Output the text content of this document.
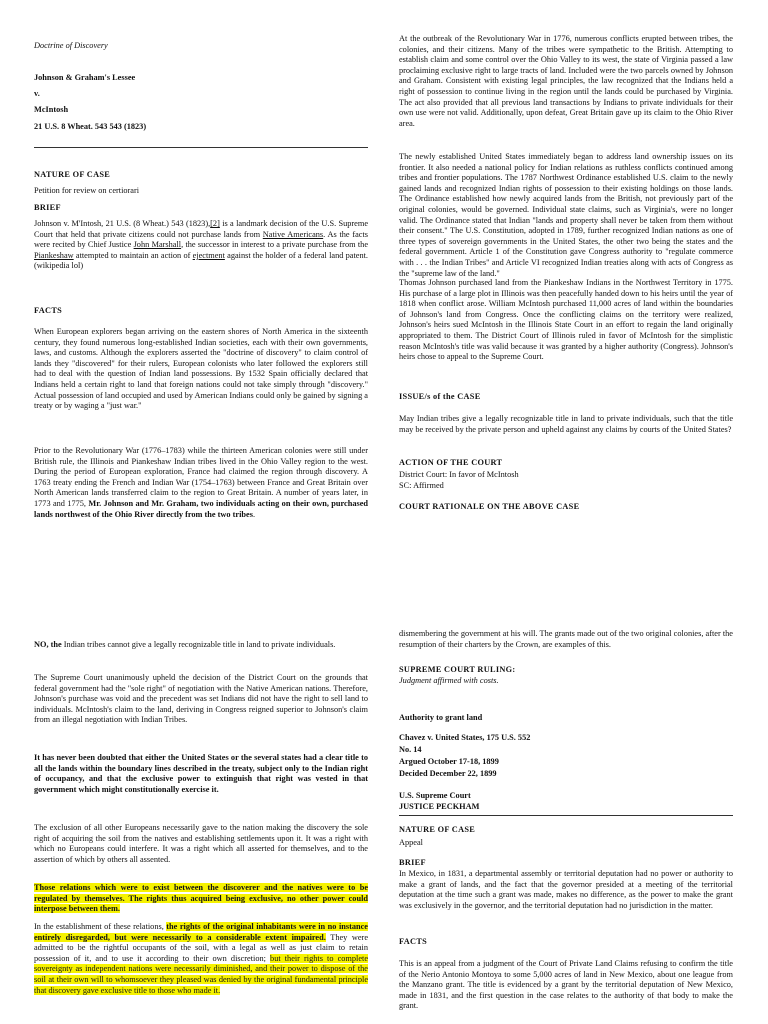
Doctrine of Discovery
Johnson & Graham's Lessee
v.
McIntosh
21 U.S. 8 Wheat. 543 543 (1823)
NATURE OF CASE
Petition for review on certiorari
BRIEF

Johnson v. M'Intosh, 21 U.S. (8 Wheat.) 543 (1823),[2] is a landmark decision of the U.S. Supreme Court that held that private citizens could not purchase lands from Native Americans. As the facts were recited by Chief Justice John Marshall, the successor in interest to a private purchase from the Piankeshaw attempted to maintain an action of ejectment against the holder of a federal land patent. (wikipedia lol)

FACTS

When European explorers began arriving on the eastern shores of North America in the sixteenth century, they found numerous long-established Indian societies, each with their own governments, laws, and customs. Although the explorers asserted the "doctrine of discovery" to claim control of lands they "discovered" for their rulers, European colonists who later followed the explorers still had to deal with the question of Indian land possessions. By 1532 Spain officially declared that Indians held a certain right to land that foreign nations could not take simply through "discovery." Actual possession of land occupied and used by American Indians could only be gained by signing a treaty or by waging a "just war."

Prior to the Revolutionary War (1776–1783) while the thirteen American colonies were still under British rule, the Illinois and Piankeshaw Indian tribes lived in the Ohio Valley region to the west. During the period of European exploration, France had claimed the region through discovery. A 1763 treaty ending the French and Indian War (1754–1763) between France and Great Britain over North American lands transferred claim to the region to Great Britain. A number of years later, in 1773 and 1775, Mr. Johnson and Mr. Graham, two individuals acting on their own, purchased lands northwest of the Ohio River directly from the two tribes.

At the outbreak of the Revolutionary War in 1776, numerous conflicts erupted between tribes, the colonies, and their citizens. Many of the tribes were sympathetic to the British. Attempting to establish claim and some control over the Ohio Valley to its west, the state of Virginia passed a law proclaiming exclusive right to large tracts of land. Included were the two parcels owned by Johnson and Graham. Consistent with existing legal principles, the law recognized that the Indians held a right of possession to continue living in the region until the lands could be purchased by Virginia. The act also provided that all previous land transactions by Indians to private individuals for their own use were not valid. Additionally, upon defeat, Great Britain gave up its claim to the Ohio River area.

The newly established United States immediately began to address land ownership issues on its frontier. It also needed a national policy for Indian relations as ruthless conflicts continued among tribes and frontier populations. The 1787 Northwest Ordinance established U.S. claim to the newly gained lands and recognized Indian rights of possession to their existing holdings on those lands. The Ordinance established how newly acquired lands from the British, not previously part of the original colonies, would be governed. Individual state claims, such as Virginia's, were no longer valid. The Ordinance stated that Indian "lands and property shall never be taken from them without their consent." The U.S. Constitution, adopted in 1789, further recognized Indian nations as one of three types of sovereign governments in the United States, the other two being the states and the federal government. Article 1 of the Constitution gave Congress authority to "regulate commerce with . . . the Indian Tribes" and Article VI recognized Indian treaties along with acts of Congress as the "supreme law of the land."

Thomas Johnson purchased land from the Piankeshaw Indians in the Northwest Territory in 1775. His purchase of a large plot in Illinois was then peacefully handed down to his heirs until the year of 1818 when conflict arose. William McIntosh purchased 11,000 acres of land within the boundaries of Johnson's land from Congress. Once the conflicting claims on the territory were realized, Johnson's heirs sued McIntosh in the Illinois State Court in an effort to regain the land originally appropriated to them. The District Court of Illinois ruled in favor of McIntosh for the simplistic reason McIntosh's title was valid because it was granted by a higher authority (Congress). Johnson's heirs chose to appeal to the Supreme Court.

ISSUE/s of the CASE

May Indian tribes give a legally recognizable title in land to private individuals, such that the title may be received by the private person and upheld against any claims by courts of the United States?

ACTION OF THE COURT
District Court: In favor of McIntosh
SC: Affirmed
COURT RATIONALE ON THE ABOVE CASE

NO, the Indian tribes cannot give a legally recognizable title in land to private individuals.

The Supreme Court unanimously upheld the decision of the District Court on the grounds that federal government had the "sole right" of negotiation with the Native American nations. Therefore, Johnson's purchase was void and the precedent was set Indians did not have the right to sell land to individuals. McIntosh's claim to the land, deriving in Congress reigned superior to Johnson's claim from an illegal negotiation with Indian Tribes.

It has never been doubted that either the United States or the several states had a clear title to all the lands within the boundary lines described in the treaty, subject only to the Indian right of occupancy, and that the exclusive power to extinguish that right was vested in that government which might constitutionally exercise it.

The exclusion of all other Europeans necessarily gave to the nation making the discovery the sole right of acquiring the soil from the natives and establishing settlements upon it. It was a right with which no Europeans could interfere. It was a right which all asserted for themselves, and to the assertion of which by others all assented.

Those relations which were to exist between the discoverer and the natives were to be regulated by themselves. The rights thus acquired being exclusive, no other power could interpose between them.

In the establishment of these relations, the rights of the original inhabitants were in no instance entirely disregarded, but were necessarily to a considerable extent impaired. They were admitted to be the rightful occupants of the soil, with a legal as well as just claim to retain possession of it, and to use it according to their own discretion; but their rights to complete sovereignty as independent nations were necessarily diminished, and their power to dispose of the soil at their own will to whomsoever they pleased was denied by the original fundamental principle that discovery gave exclusive title to those who made it.

dismembering the government at his will. The grants made out of the two original colonies, after the resumption of their charters by the Crown, are examples of this.

SUPREME COURT RULING:
Judgment affirmed with costs.
Authority to grant land
Chavez v. United States, 175 U.S. 552
No. 14
Argued October 17-18, 1899
Decided December 22, 1899
U.S. Supreme Court
JUSTICE PECKHAM
NATURE OF CASE
Appeal
BRIEF

In Mexico, in 1831, a departmental assembly or territorial deputation had no power or authority to make a grant of lands, and the fact that the governor presided at a meeting of the territorial deputation at the time such a grant was made, makes no difference, as the power to make the grant was exclusively in the governor, and the territorial deputation had no jurisdiction in the matter.

FACTS

This is an appeal from a judgment of the Court of Private Land Claims refusing to confirm the title of the Nerio Antonio Montoya to some 5,000 acres of land in New Mexico, about one league from the Manzano grant. The title is evidenced by a grant by the territorial deputation of New Mexico, made in 1831, and the first question in the case relates to the authority of that body to make the grant.
